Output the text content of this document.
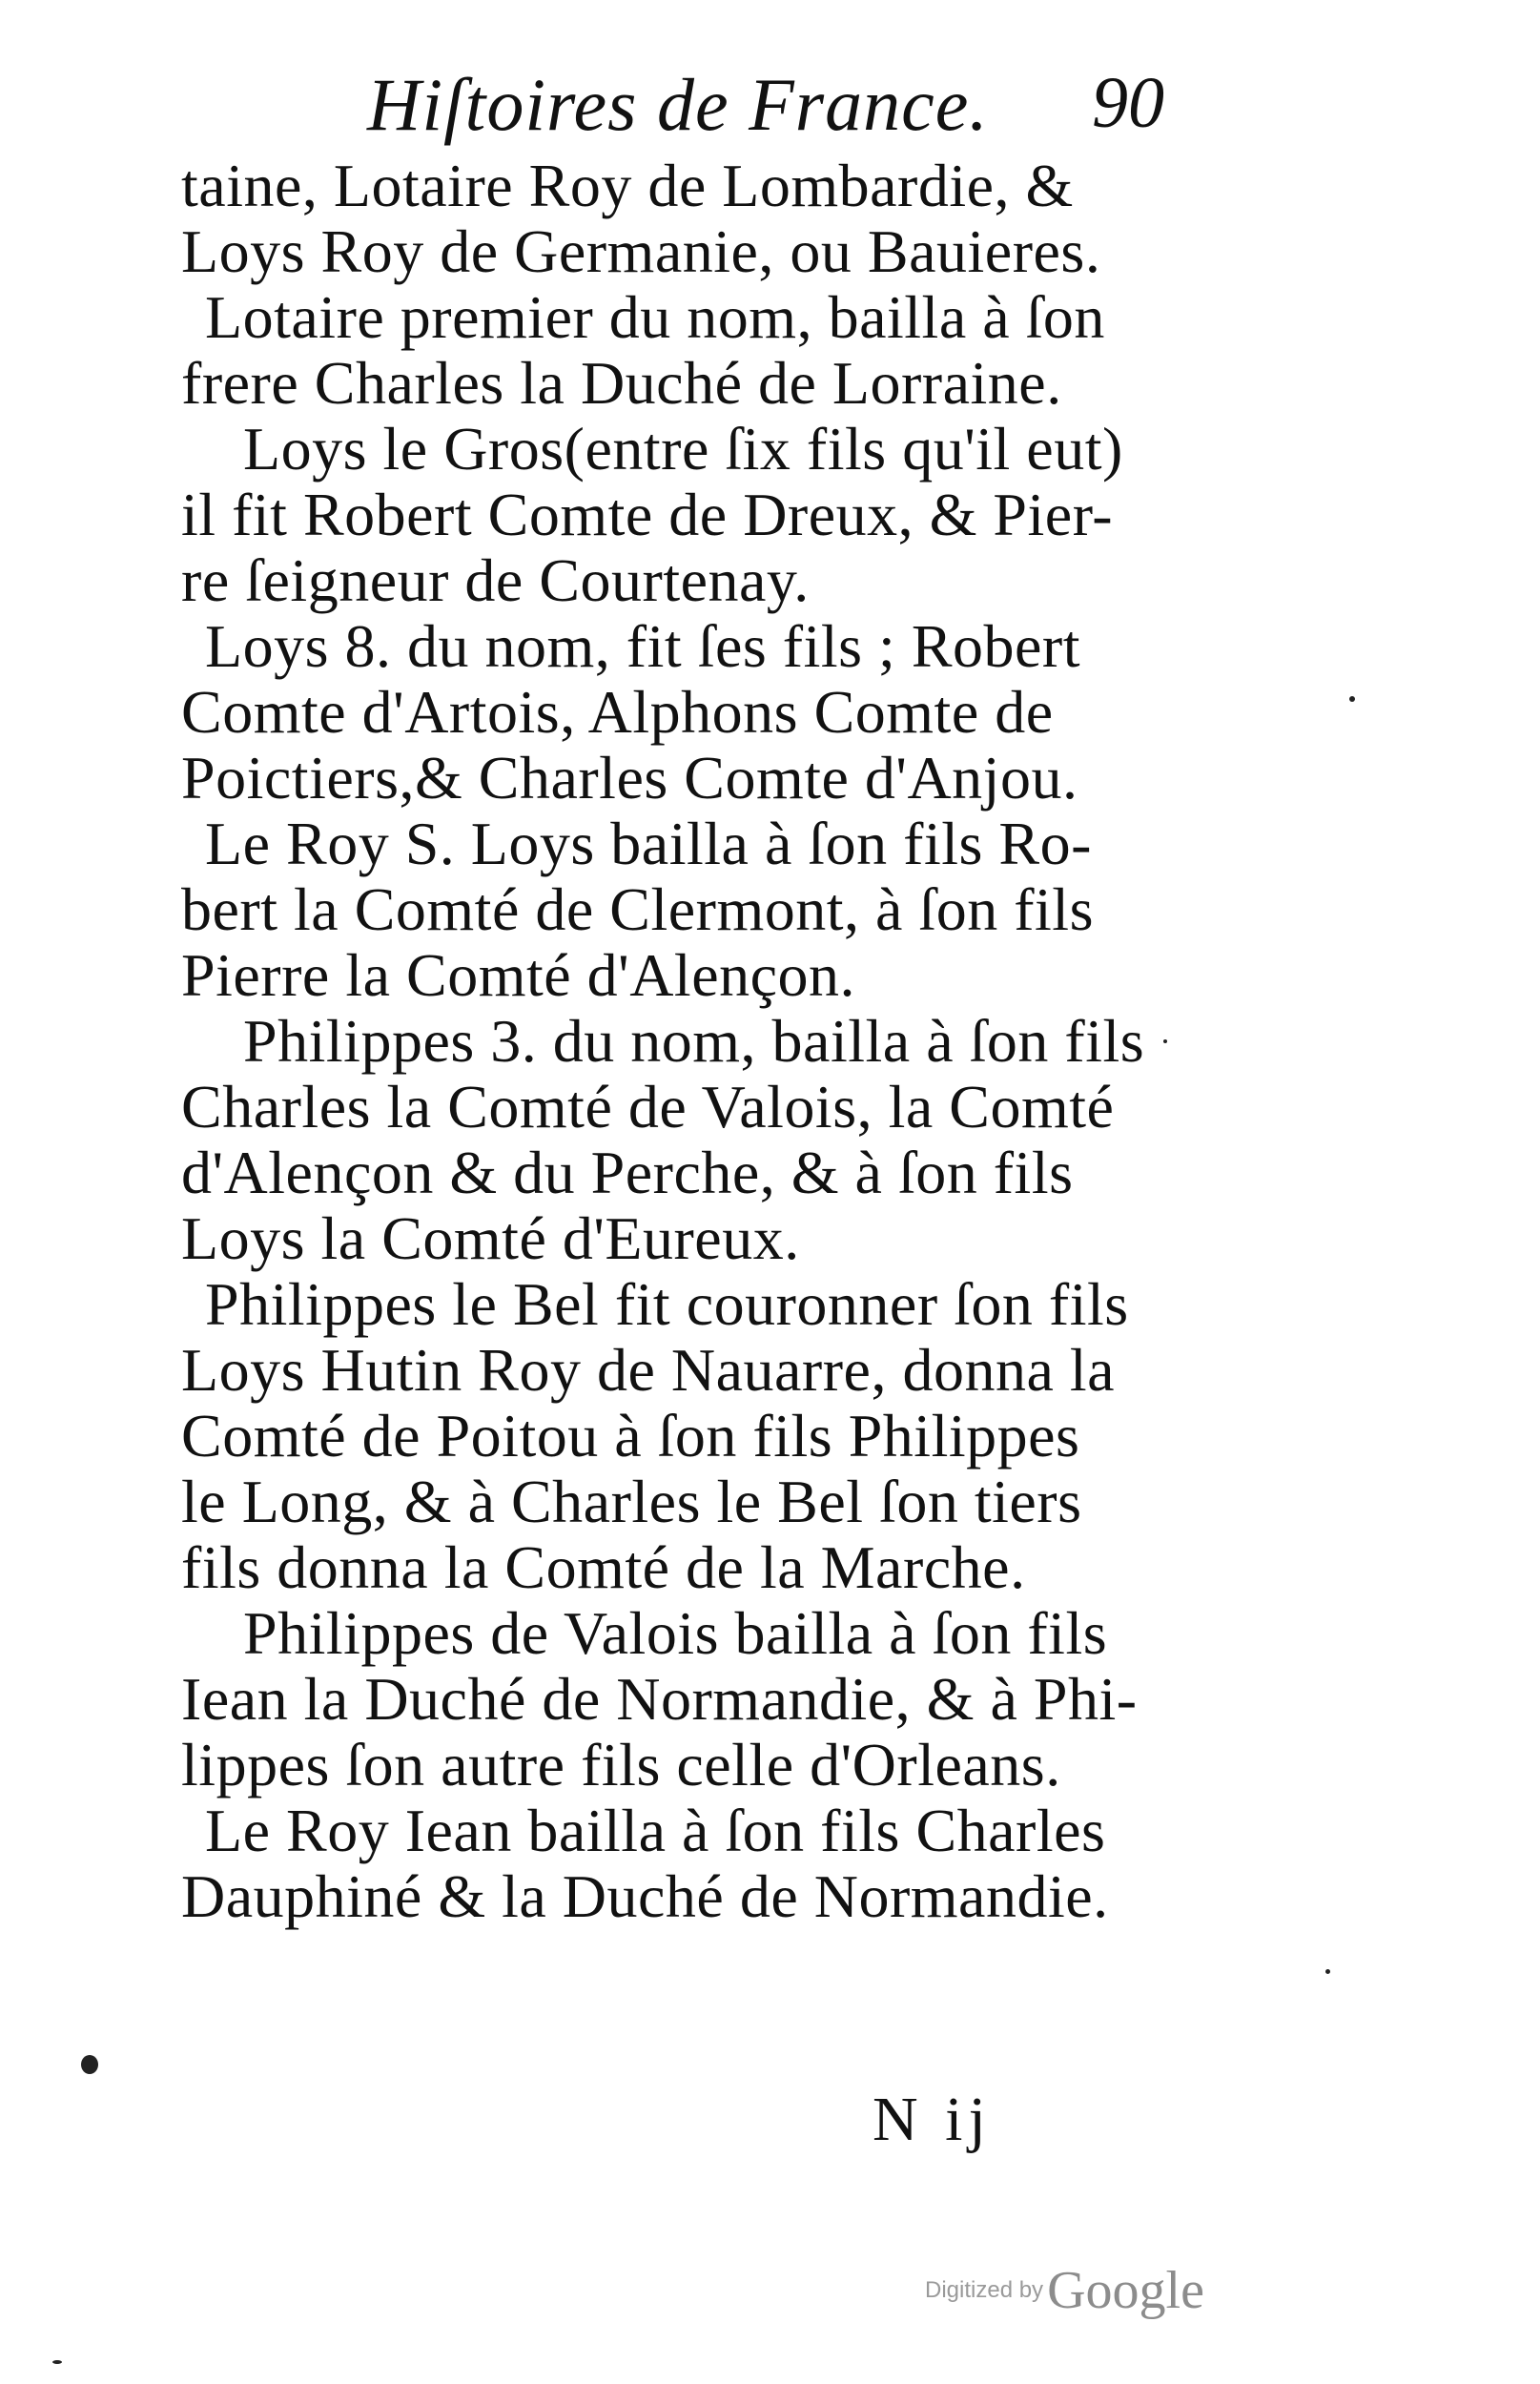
Hiſtoires de France. 90
taine, Lotaire Roy de Lombardie, &
Loys Roy de Germanie, ou Bauieres.
Lotaire premier du nom, bailla à ſon
frere Charles la Duché de Lorraine.
Loys le Gros(entre ſix fils qu'il eut)
il fit Robert Comte de Dreux, & Pier-
re ſeigneur de Courtenay.
Loys 8. du nom, fit ſes fils ; Robert
Comte d'Artois, Alphons Comte de
Poictiers,& Charles Comte d'Anjou.
Le Roy S. Loys bailla à ſon fils Ro-
bert la Comté de Clermont, à ſon fils
Pierre la Comté d'Alençon.
Philippes 3. du nom, bailla à ſon fils
Charles la Comté de Valois, la Comté
d'Alençon & du Perche, & à ſon fils
Loys la Comté d'Eureux.
Philippes le Bel fit couronner ſon fils
Loys Hutin Roy de Nauarre, donna la
Comté de Poitou à ſon fils Philippes
le Long, & à Charles le Bel ſon tiers
fils donna la Comté de la Marche.
Philippes de Valois bailla à ſon fils
Iean la Duché de Normandie, & à Phi-
lippes ſon autre fils celle d'Orleans.
Le Roy Iean bailla à ſon fils Charles
Dauphiné & la Duché de Normandie.
N ij
Digitized by Google
